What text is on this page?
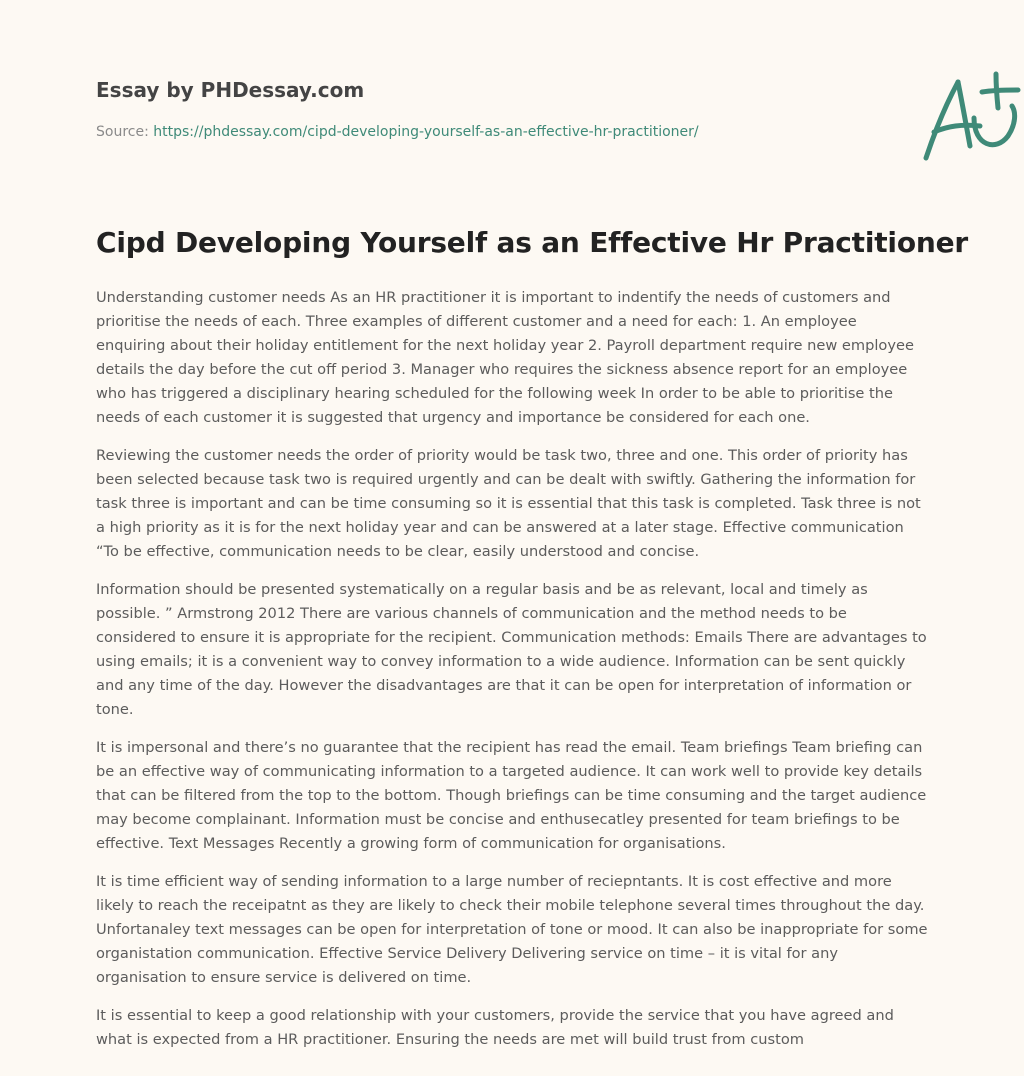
Essay by PHDessay.com
Source: https://phdessay.com/cipd-developing-yourself-as-an-effective-hr-practitioner/
Cipd Developing Yourself as an Effective Hr Practitioner

Understanding customer needs As an HR practitioner it is important to indentify the needs of customers and prioritise the needs of each. Three examples of different customer and a need for each: 1. An employee enquiring about their holiday entitlement for the next holiday year 2. Payroll department require new employee details the day before the cut off period 3. Manager who requires the sickness absence report for an employee who has triggered a disciplinary hearing scheduled for the following week In order to be able to prioritise the needs of each customer it is suggested that urgency and importance be considered for each one.

Reviewing the customer needs the order of priority would be task two, three and one. This order of priority has been selected because task two is required urgently and can be dealt with swiftly. Gathering the information for task three is important and can be time consuming so it is essential that this task is completed. Task three is not a high priority as it is for the next holiday year and can be answered at a later stage. Effective communication “To be effective, communication needs to be clear, easily understood and concise.

Information should be presented systematically on a regular basis and be as relevant, local and timely as possible. ” Armstrong 2012 There are various channels of communication and the method needs to be considered to ensure it is appropriate for the recipient. Communication methods: Emails There are advantages to using emails; it is a convenient way to convey information to a wide audience. Information can be sent quickly and any time of the day. However the disadvantages are that it can be open for interpretation of information or tone.

It is impersonal and there’s no guarantee that the recipient has read the email. Team briefings Team briefing can be an effective way of communicating information to a targeted audience. It can work well to provide key details that can be filtered from the top to the bottom. Though briefings can be time consuming and the target audience may become complainant. Information must be concise and enthusecatley presented for team briefings to be effective. Text Messages Recently a growing form of communication for organisations.

It is time efficient way of sending information to a large number of reciepntants. It is cost effective and more likely to reach the receipatnt as they are likely to check their mobile telephone several times throughout the day. Unfortanaley text messages can be open for interpretation of tone or mood. It can also be inappropriate for some organistation communication. Effective Service Delivery Delivering service on time – it is vital for any organisation to ensure service is delivered on time.

It is essential to keep a good relationship with your customers, provide the service that you have agreed and what is expected from a HR practitioner. Ensuring the needs are met will build trust from custom
